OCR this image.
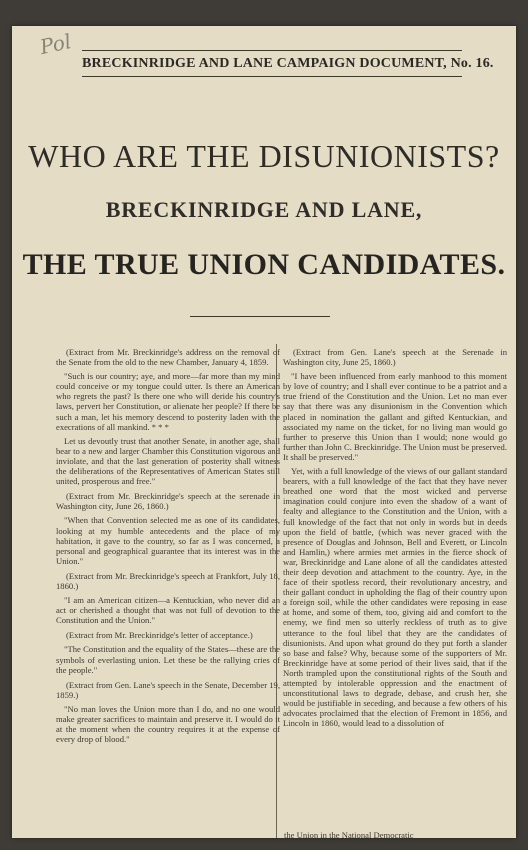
Pol
BRECKINRIDGE AND LANE CAMPAIGN DOCUMENT, No. 16.
WHO ARE THE DISUNIONISTS?
BRECKINRIDGE AND LANE,
THE TRUE UNION CANDIDATES.

(Extract from Mr. Breckinridge's address on the removal of the Senate from the old to the new Chamber, January 4, 1859.

"Such is our country; aye, and more—far more than my mind could conceive or my tongue could utter. Is there an American who regrets the past? Is there one who will deride his country's laws, pervert her Constitution, or alienate her people? If there be such a man, let his memory descend to posterity laden with the execrations of all mankind. * * *

Let us devoutly trust that another Senate, in another age, shall bear to a new and larger Chamber this Constitution vigorous and inviolate, and that the last generation of posterity shall witness the deliberations of the Representatives of American States still united, prosperous and free."

(Extract from Mr. Breckinridge's speech at the serenade in Washington city, June 26, 1860.)

"When that Convention selected me as one of its candidates, looking at my humble antecedents and the place of my habitation, it gave to the country, so far as I was concerned, a personal and geographical guarantee that its interest was in the Union."

(Extract from Mr. Breckinridge's speech at Frankfort, July 18, 1860.)

"I am an American citizen—a Kentuckian, who never did an act or cherished a thought that was not full of devotion to the Constitution and the Union."

(Extract from Mr. Breckinridge's letter of acceptance.)

"The Constitution and the equality of the States—these are the symbols of everlasting union. Let these be the rallying cries of the people."

(Extract from Gen. Lane's speech in the Senate, December 19, 1859.)

"No man loves the Union more than I do, and no one would make greater sacrifices to maintain and preserve it. I would do it at the moment when the country requires it at the expense of every drop of blood."

(Extract from Gen. Lane's speech at the Serenade in Washington city, June 25, 1860.)

"I have been influenced from early manhood to this moment by love of country; and I shall ever continue to be a patriot and a true friend of the Constitution and the Union. Let no man ever say that there was any disunionism in the Convention which placed in nomination the gallant and gifted Kentuckian, and associated my name on the ticket, for no living man would go further to preserve this Union than I would; none would go further than John C. Breckinridge. The Union must be preserved. It shall be preserved."

Yet, with a full knowledge of the views of our gallant standard bearers, with a full knowledge of the fact that they have never breathed one word that the most wicked and perverse imagination could conjure into even the shadow of a want of fealty and allegiance to the Constitution and the Union, with a full knowledge of the fact that not only in words but in deeds upon the field of battle, (which was never graced with the presence of Douglas and Johnson, Bell and Everett, or Lincoln and Hamlin,) where armies met armies in the fierce shock of war, Breckinridge and Lane alone of all the candidates attested their deep devotion and attachment to the country. Aye, in the face of their spotless record, their revolutionary ancestry, and their gallant conduct in upholding the flag of their country upon a foreign soil, while the other candidates were reposing in ease at home, and some of them, too, giving aid and comfort to the enemy, we find men so utterly reckless of truth as to give utterance to the foul libel that they are the candidates of disunionists. And upon what ground do they put forth a slander so base and false? Why, because some of the supporters of Mr. Breckinridge have at some period of their lives said, that if the North trampled upon the constitutional rights of the South and attempted by intolerable oppression and the enactment of unconstitutional laws to degrade, debase, and crush her, she would be justifiable in seceding, and because a few others of his advocates proclaimed that the election of Fremont in 1856, and Lincoln in 1860, would lead to a dissolution of

the Union in the National Democratic
